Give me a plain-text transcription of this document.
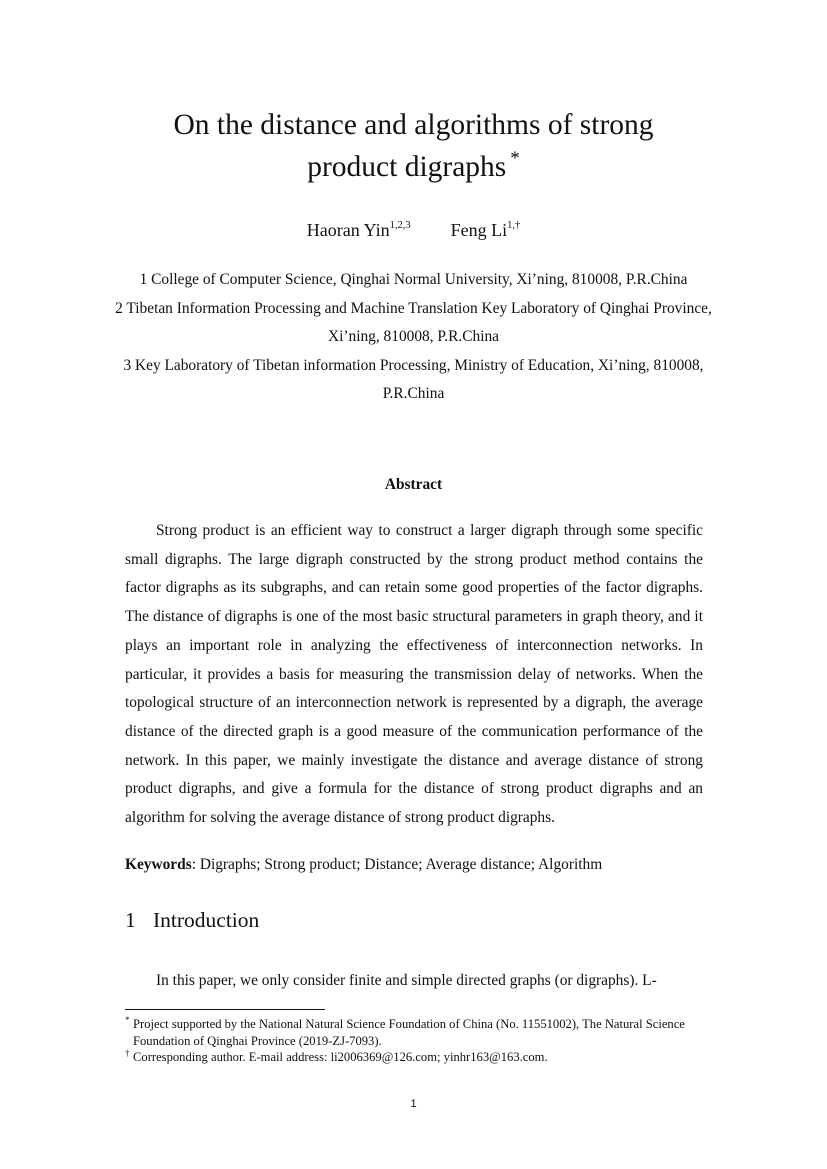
On the distance and algorithms of strong
product digraphs *
Haoran Yin$^{1,2,3}$ Feng $Li^{1,\dagger}$
1 College of Computer Science, Qinghai Normal University, Xi’ning, 810008, P.R.China
2 Tibetan Information Processing and Machine Translation Key Laboratory of Qinghai Province, Xi’ning, 810008, P.R.China
3 Key Laboratory of Tibetan information Processing, Ministry of Education, Xi’ning, 810008, P.R.China
Abstract

Strong product is an efficient way to construct a larger digraph through some specific small digraphs. The large digraph constructed by the strong product method contains the factor digraphs as its subgraphs, and can retain some good properties of the factor digraphs. The distance of digraphs is one of the most basic structural parameters in graph theory, and it plays an important role in analyzing the effectiveness of interconnection networks. In particular, it provides a basis for measuring the transmission delay of networks. When the topological structure of an interconnection network is represented by a digraph, the average distance of the directed graph is a good measure of the communication performance of the network. In this paper, we mainly investigate the distance and average distance of strong product digraphs, and give a formula for the distance of strong product digraphs and an algorithm for solving the average distance of strong product digraphs.

Keywords: Digraphs; Strong product; Distance; Average distance; Algorithm
1 Introduction

In this paper, we only consider finite and simple directed graphs (or digraphs). L-

* Project supported by the National Natural Science Foundation of China (No. 11551002), The Natural Science Foundation of Qinghai Province (2019-ZJ-7093).
† Corresponding author. E-mail address: li2006369@126.com; yinhr163@163.com.
1
